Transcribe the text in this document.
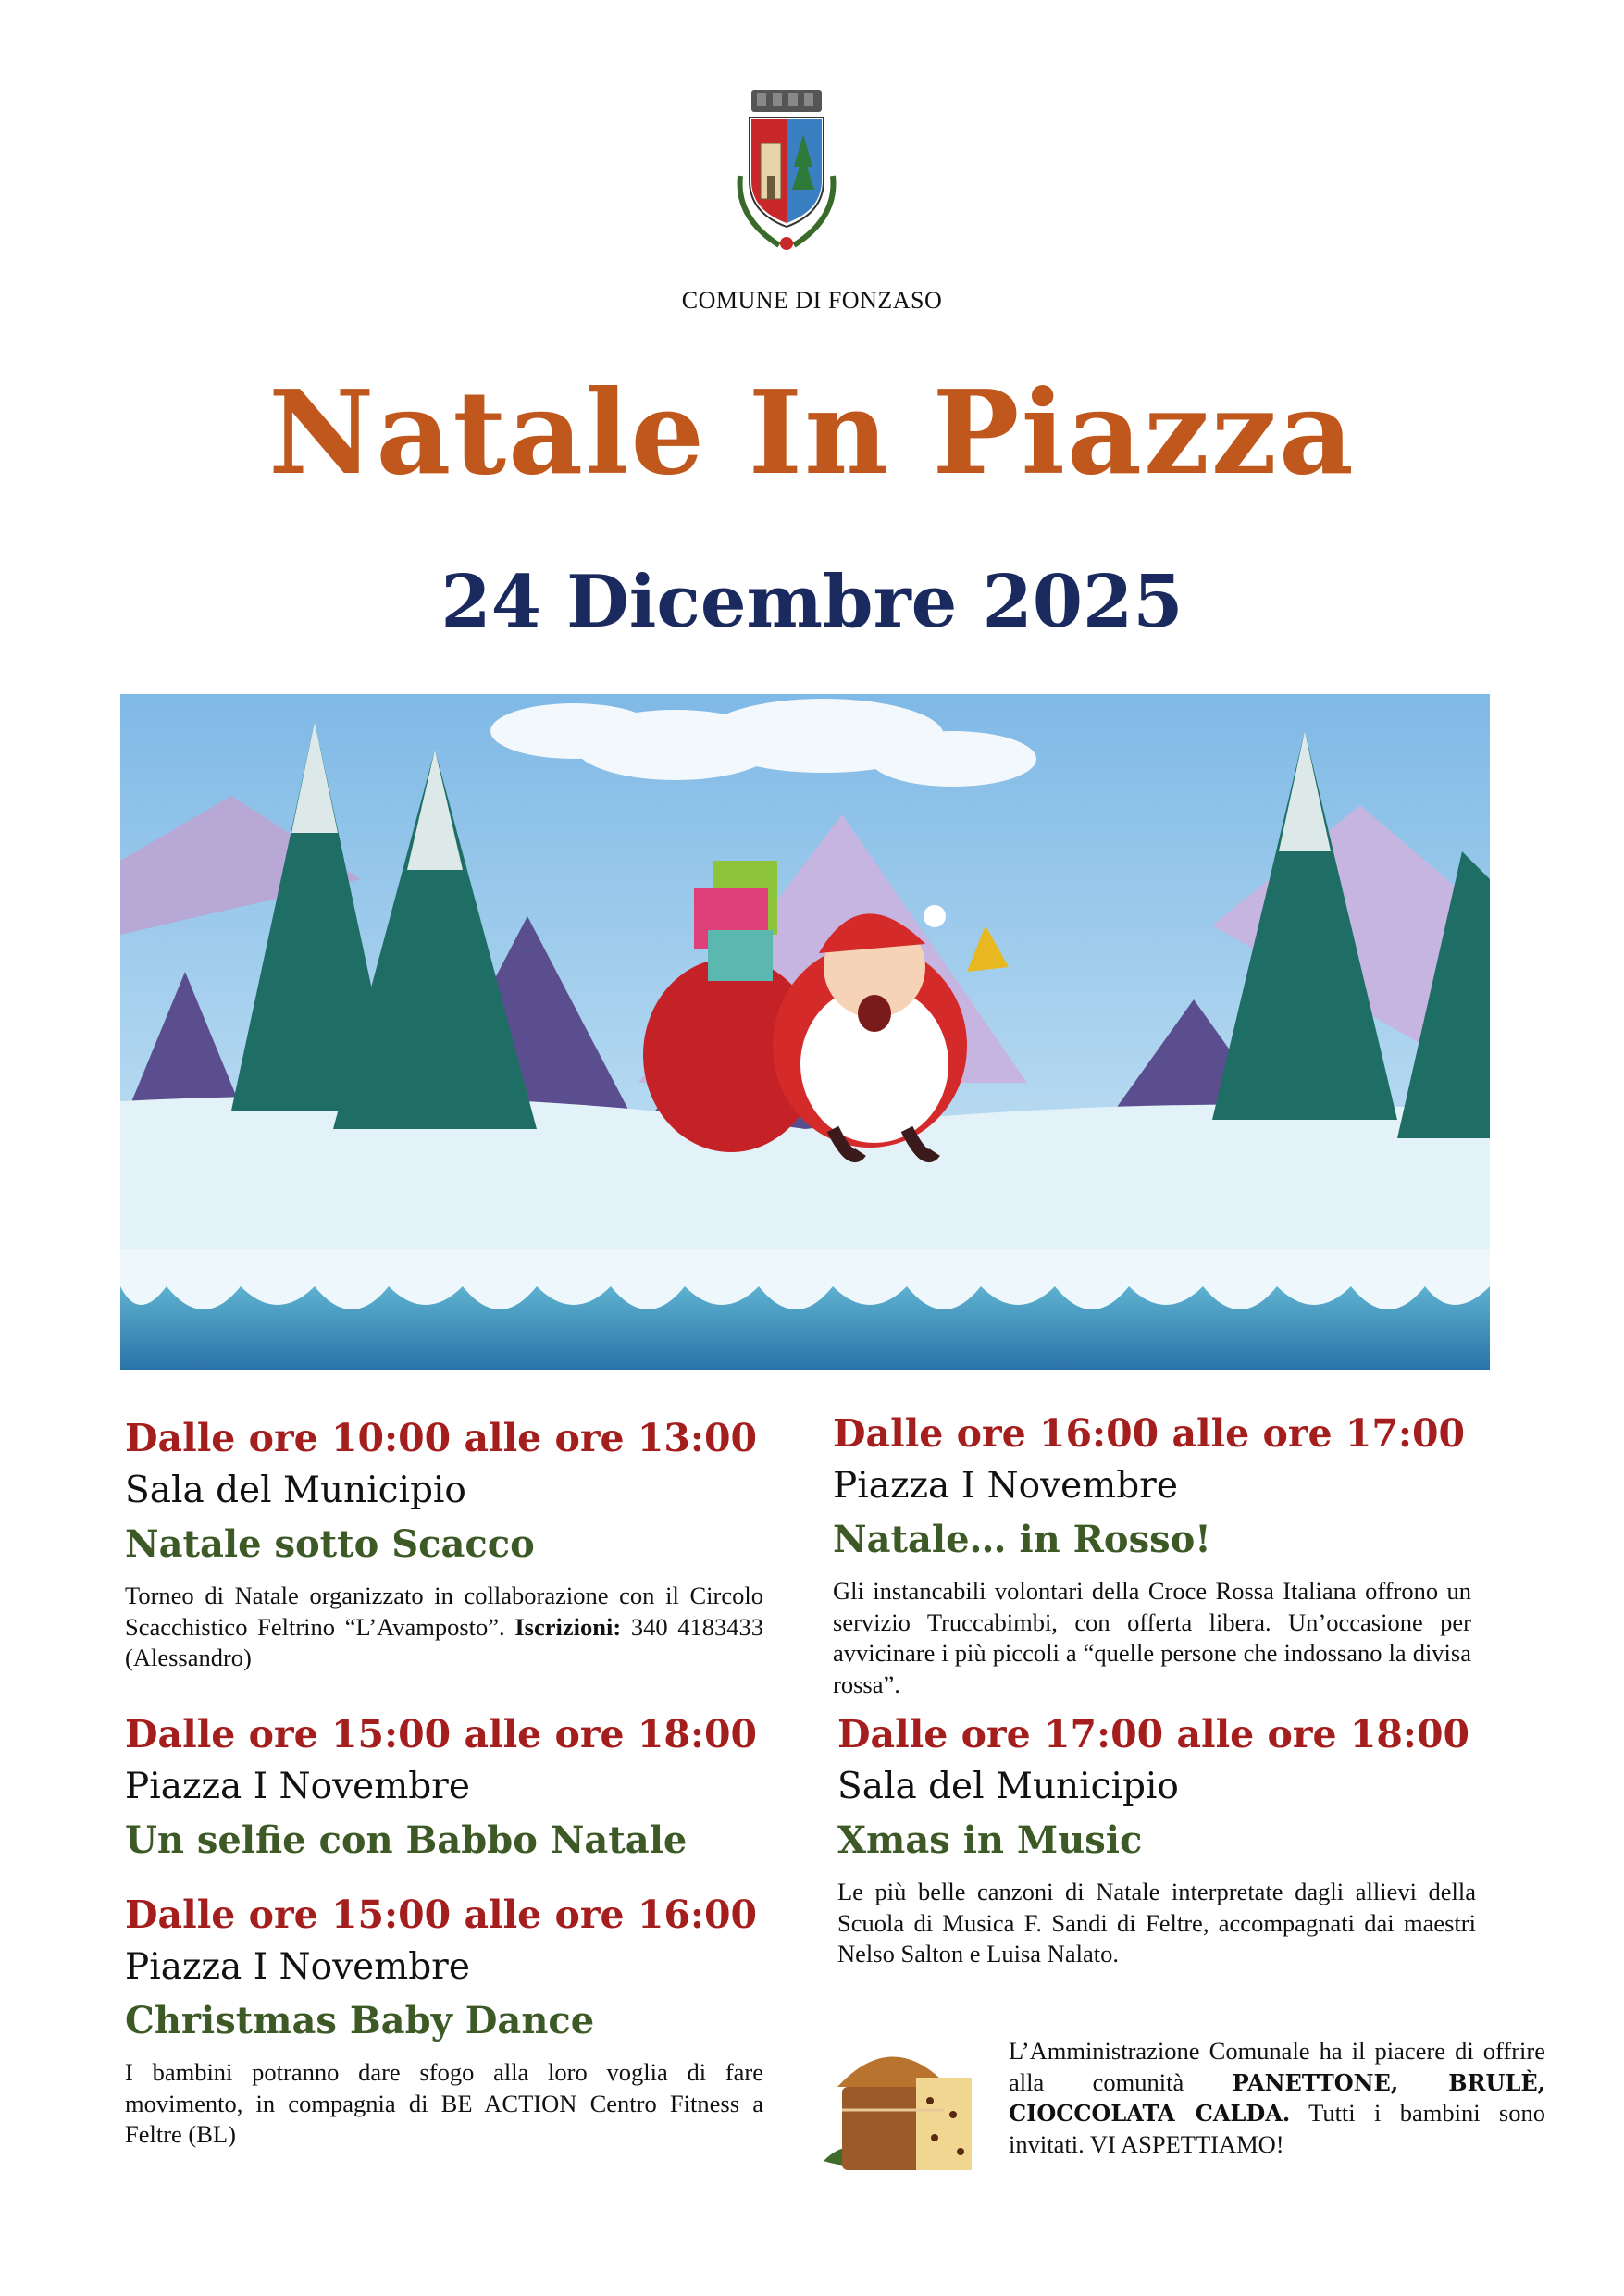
COMUNE DI FONZASO
Natale In Piazza
24 Dicembre 2025
Dalle ore 10:00 alle ore 13:00
Sala del Municipio
Natale sotto Scacco
Torneo di Natale organizzato in collaborazione con il Circolo Scacchistico Feltrino “L’Avamposto”. Iscrizioni: 340 4183433 (Alessandro)
Dalle ore 16:00 alle ore 17:00
Piazza I Novembre
Natale… in Rosso!
Gli instancabili volontari della Croce Rossa Italiana offrono un servizio Truccabimbi, con offerta libera. Un’occasione per avvicinare i più piccoli a “quelle persone che indossano la divisa rossa”.
Dalle ore 15:00 alle ore 18:00
Piazza I Novembre
Un selfie con Babbo Natale
Dalle ore 17:00 alle ore 18:00
Sala del Municipio
Xmas in Music
Le più belle canzoni di Natale interpretate dagli allievi della Scuola di Musica F. Sandi di Feltre, accompagnati dai maestri Nelso Salton e Luisa Nalato.
Dalle ore 15:00 alle ore 16:00
Piazza I Novembre
Christmas Baby Dance
I bambini potranno dare sfogo alla loro voglia di fare movimento, in compagnia di BE ACTION Centro Fitness a Feltre (BL)
L’Amministrazione Comunale ha il piacere di offrire alla comunità PANETTONE, BRULÈ, CIOCCOLATA CALDA. Tutti i bambini sono invitati. VI ASPETTIAMO!
